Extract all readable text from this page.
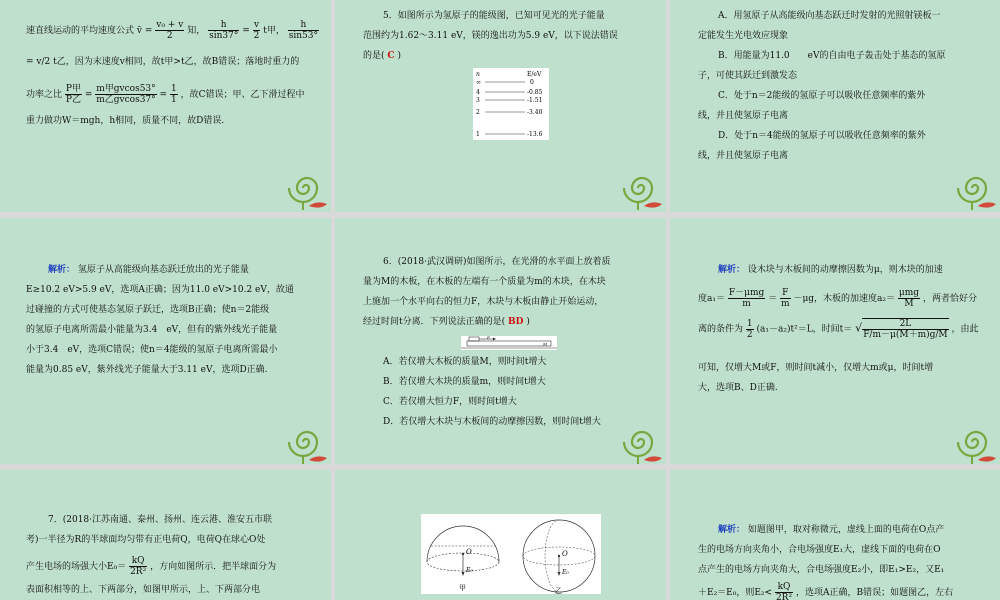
速直线运动的平均速度公式 v̄ = $\frac{\text{v₀ + v}}{2}$ 知， $\frac{h}{\sin 37^\circ} = \frac{v}{2}$ t甲， $\frac{h}{\sin 53^\circ}$
= v/2 t乙，因为末速度v相同，故t甲>t乙，故B错误；落地时重力的
功率之比 $\frac{\text{P甲}}{\text{P乙}} = \frac{\text{m甲gvcos53°}}{\text{m乙gvcos37°}} = \frac{1}{1}$ ，故C错误；甲、乙下滑过程中
重力做功W＝mgh，h相同，质量不同，故D错误.
5．如图所示为氢原子的能级图，已知可见光的光子能量
范围约为1.62～3.11 eV，镁的逸出功为5.9 eV，以下说法错误
的是( C )
n	E/eV
∞	0
4	-0.85
3	-1.51
2	-3.40
1	-13.6
A．用氢原子从高能级向基态跃迁时发射的光照射镁板一
定能发生光电效应现象
B．用能量为11.0　　eV的自由电子轰击处于基态的氢原
子，可使其跃迁到激发态
C．处于n＝2能级的氢原子可以吸收任意频率的紫外
线，并且使氢原子电离
D．处于n＝4能级的氢原子可以吸收任意频率的紫外
线，并且使氢原子电离
解析： 氢原子从高能级向基态跃迁放出的光子能量
E≥10.2 eV>5.9 eV，选项A正确；因为11.0 eV>10.2 eV，故通
过碰撞的方式可使基态氢原子跃迁，选项B正确；使n＝2能级
的氢原子电离所需最小能量为3.4　eV，但有的紫外线光子能量
小于3.4　eV，选项C错误；使n＝4能级的氢原子电离所需最小
能量为0.85 eV，紫外线光子能量大于3.11 eV，选项D正确.
6．(2018·武汉调研)如图所示，在光滑的水平面上放着质
量为M的木板，在木板的左端有一个质量为m的木块，在木块
上施加一个水平向右的恒力F，木块与木板由静止开始运动，
经过时间t分离．下列说法正确的是( BD )
F
M
A．若仅增大木板的质量M，则时间t增大
B．若仅增大木块的质量m，则时间t增大
C．若仅增大恒力F，则时间t增大
D．若仅增大木块与木板间的动摩擦因数，则时间t增大
解析： 设木块与木板间的动摩擦因数为μ，则木块的加速
度$a_1= \frac{\text{F－μmg}}{m} = \frac{F}{m} -\mu g$，木板的加速度$a_2= \frac{\text{μmg}}{M}$ ，两者恰好分
离的条件为 $\frac{1}{2} (a_1-a_2)t^2=L$，时间t＝ √ $\frac{2L}{F/m-\mu(M+m)g/M}$ ，由此
可知，仅增大M或F，则时间t减小，仅增大m或μ，时间t增
大，选项B、D正确.
7．(2018·江苏南通、泰州、扬州、连云港、淮安五市联
考)一半径为R的半球面均匀带有正电荷Q，电荷Q在球心O处
产生电场的场强大小$E_0= \frac{kQ}{\text{2R²}}$ ，方向如图所示．把半球面分为
表面积相等的上、下两部分，如图甲所示，上、下两部分电
O
E₀
甲
O
E₀
乙
解析： 如题图甲，取对称微元，虚线上面的电荷在O点产
生的电场方向夹角小，合电场强度E₁大，虚线下面的电荷在O
点产生的电场方向夹角大，合电场强度E₂小，即E₁>E₂，又E₁
＋E₂＝E₀，则$E_2< \frac{kQ}{\text{2R²}}$ ，选项A正确，B错误；如题图乙，左右
